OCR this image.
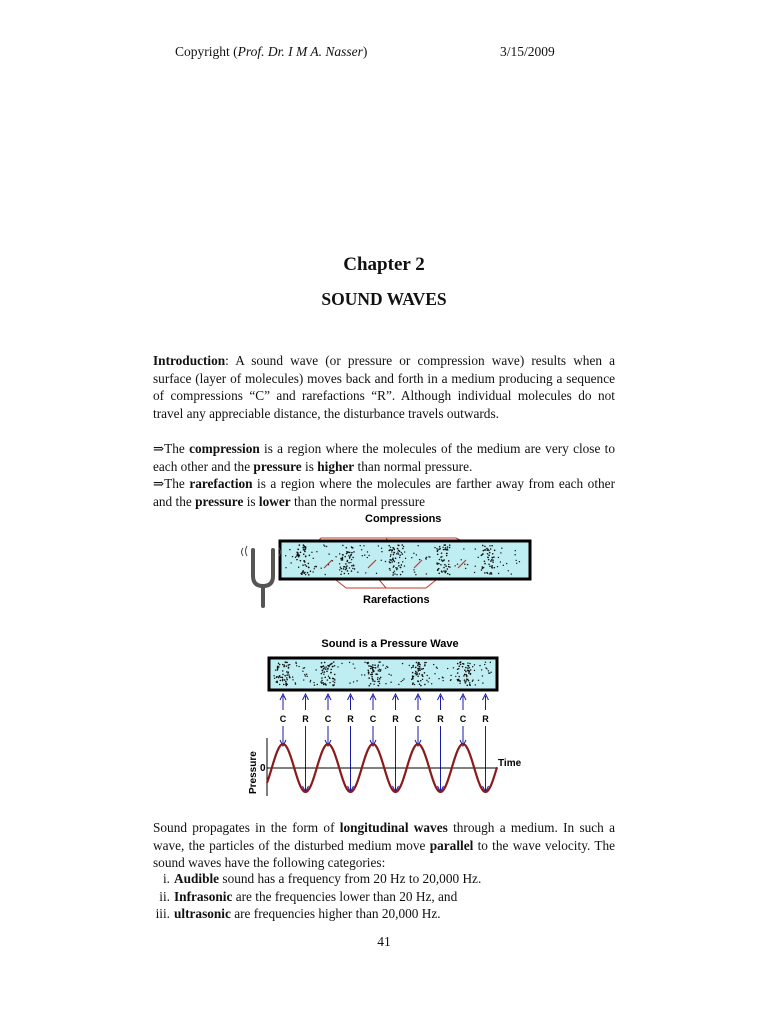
Copyright (Prof. Dr. I M A. Nasser)	3/15/2009
Chapter 2
SOUND WAVES
Introduction: A sound wave (or pressure or compression wave) results when a surface (layer of molecules) moves back and forth in a medium producing a sequence of compressions “C” and rarefactions “R”. Although individual molecules do not travel any appreciable distance, the disturbance travels outwards.
⇒The compression is a region where the molecules of the medium are very close to each other and the pressure is higher than normal pressure.
⇒The rarefaction is a region where the molecules are farther away from each other and the pressure is lower than the normal pressure
Compressions
Rarefactions
Sound is a Pressure Wave
C R C R C R C R C R
0	Time
Pressure
Sound propagates in the form of longitudinal waves through a medium. In such a wave, the particles of the disturbed medium move parallel to the wave velocity. The sound waves have the following categories:
i. Audible sound has a frequency from 20 Hz to 20,000 Hz.
ii. Infrasonic are the frequencies lower than 20 Hz, and
iii. ultrasonic are frequencies higher than 20,000 Hz.
41
